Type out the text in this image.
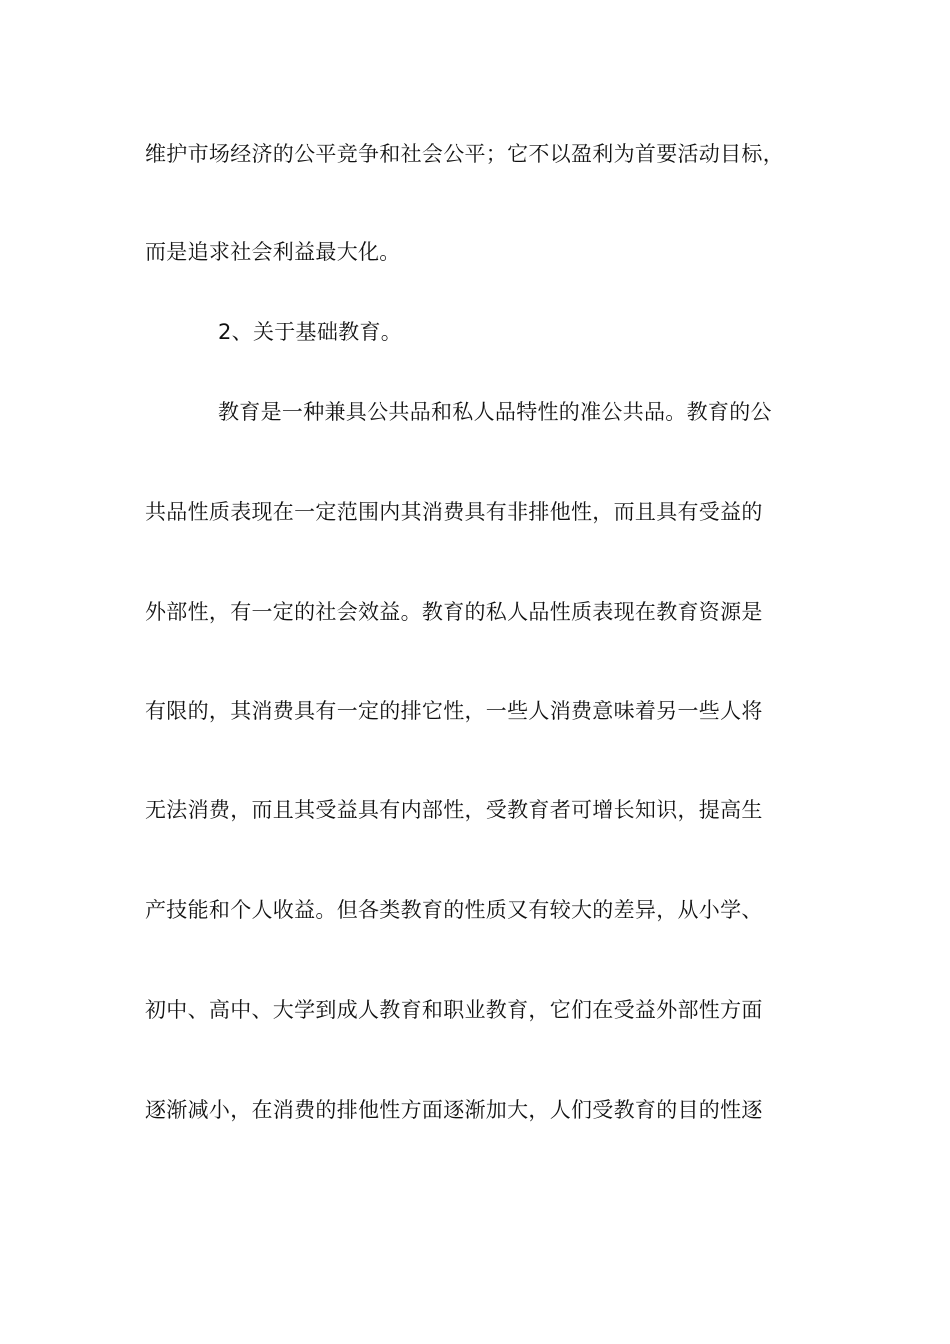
维护市场经济的公平竞争和社会公平；它不以盈利为首要活动目标，
而是追求社会利益最大化。
2、关于基础教育。
教育是一种兼具公共品和私人品特性的准公共品。教育的公
共品性质表现在一定范围内其消费具有非排他性，而且具有受益的
外部性，有一定的社会效益。教育的私人品性质表现在教育资源是
有限的，其消费具有一定的排它性，一些人消费意味着另一些人将
无法消费，而且其受益具有内部性，受教育者可增长知识，提高生
产技能和个人收益。但各类教育的性质又有较大的差异，从小学、
初中、高中、大学到成人教育和职业教育，它们在受益外部性方面
逐渐减小，在消费的排他性方面逐渐加大，人们受教育的目的性逐
